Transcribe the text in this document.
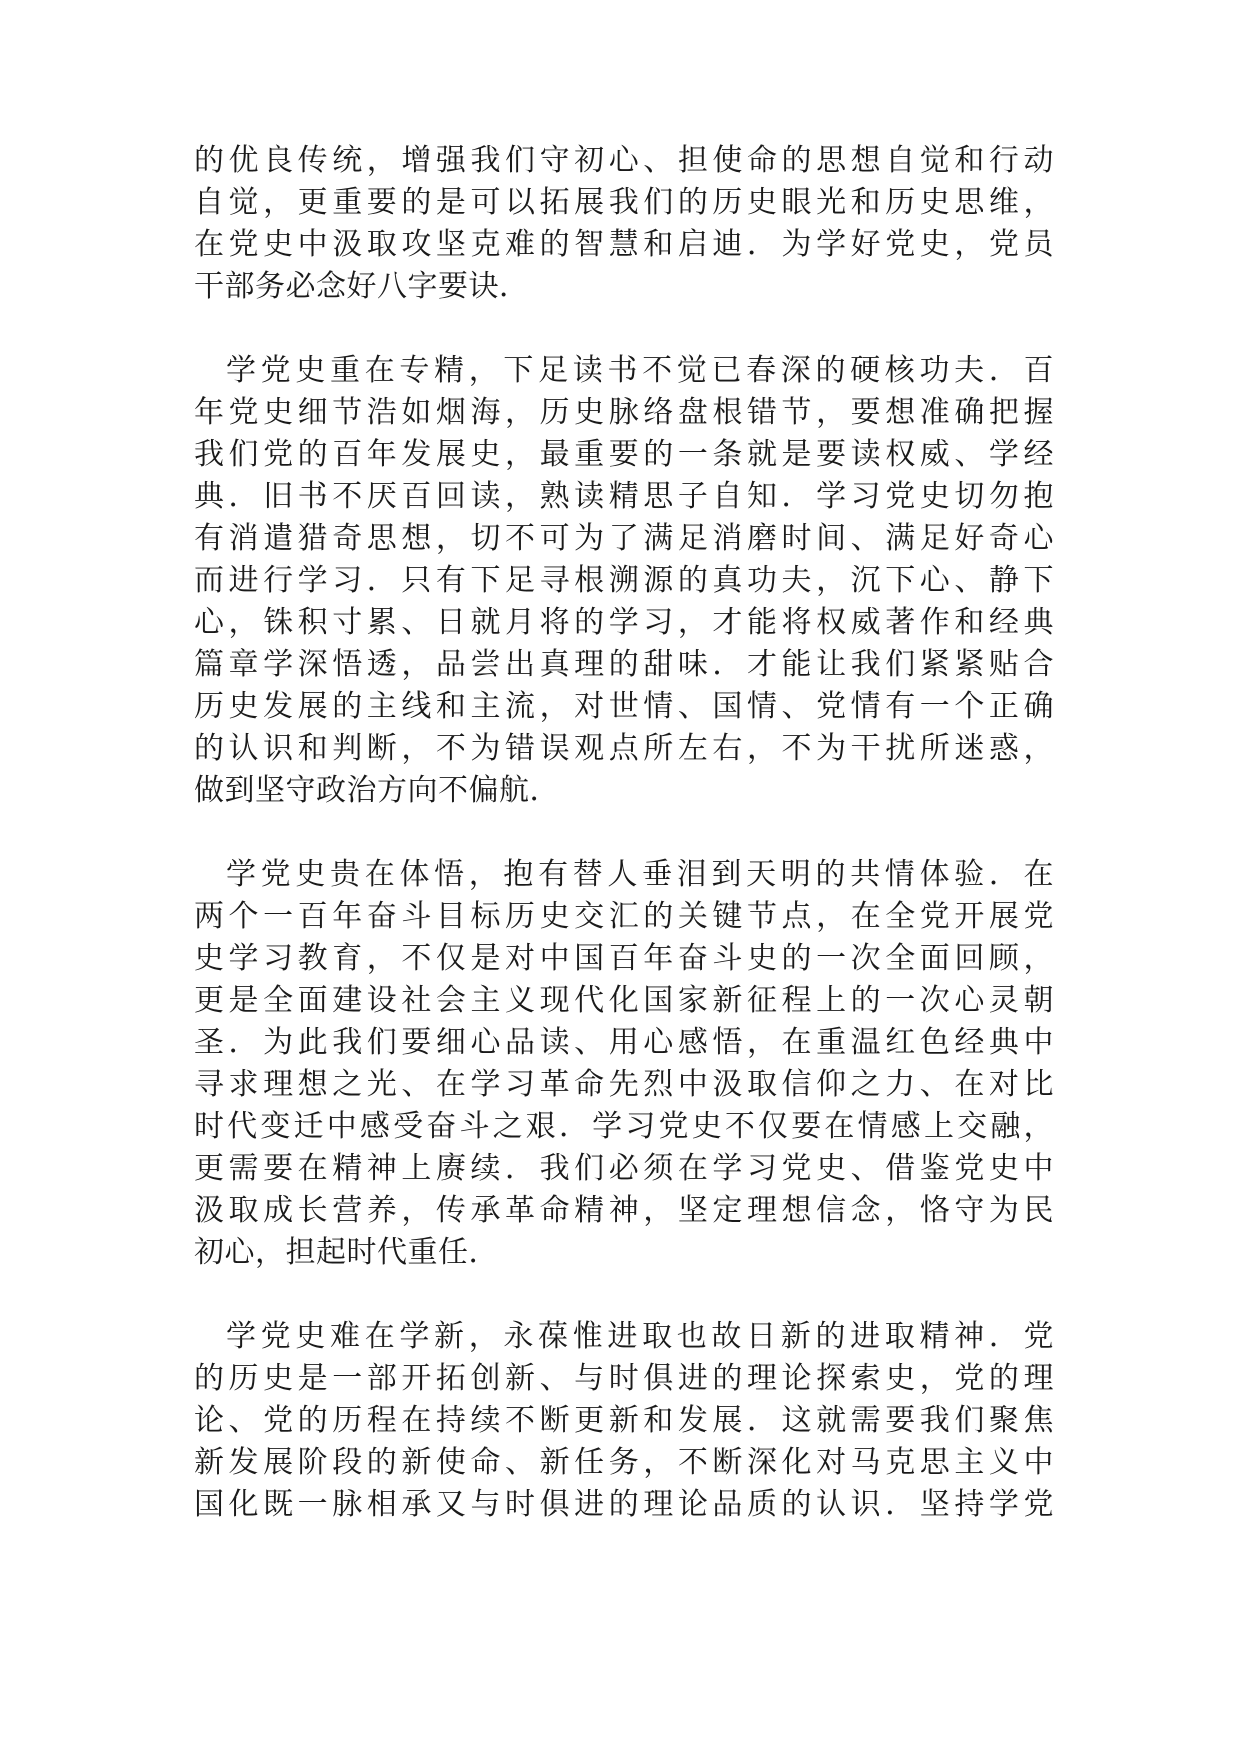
的优良传统，增强我们守初心、担使命的思想自觉和行动
自觉，更重要的是可以拓展我们的历史眼光和历史思维，
在党史中汲取攻坚克难的智慧和启迪．为学好党史，党员
干部务必念好八字要诀．
学党史重在专精，下足读书不觉已春深的硬核功夫．百
年党史细节浩如烟海，历史脉络盘根错节，要想准确把握
我们党的百年发展史，最重要的一条就是要读权威、学经
典．旧书不厌百回读，熟读精思子自知．学习党史切勿抱
有消遣猎奇思想，切不可为了满足消磨时间、满足好奇心
而进行学习．只有下足寻根溯源的真功夫，沉下心、静下
心，铢积寸累、日就月将的学习，才能将权威著作和经典
篇章学深悟透，品尝出真理的甜味．才能让我们紧紧贴合
历史发展的主线和主流，对世情、国情、党情有一个正确
的认识和判断，不为错误观点所左右，不为干扰所迷惑，
做到坚守政治方向不偏航．
学党史贵在体悟，抱有替人垂泪到天明的共情体验．在
两个一百年奋斗目标历史交汇的关键节点，在全党开展党
史学习教育，不仅是对中国百年奋斗史的一次全面回顾，
更是全面建设社会主义现代化国家新征程上的一次心灵朝
圣．为此我们要细心品读、用心感悟，在重温红色经典中
寻求理想之光、在学习革命先烈中汲取信仰之力、在对比
时代变迁中感受奋斗之艰．学习党史不仅要在情感上交融，
更需要在精神上赓续．我们必须在学习党史、借鉴党史中
汲取成长营养，传承革命精神，坚定理想信念，恪守为民
初心，担起时代重任．
学党史难在学新，永葆惟进取也故日新的进取精神．党
的历史是一部开拓创新、与时俱进的理论探索史，党的理
论、党的历程在持续不断更新和发展．这就需要我们聚焦
新发展阶段的新使命、新任务，不断深化对马克思主义中
国化既一脉相承又与时俱进的理论品质的认识．坚持学党
